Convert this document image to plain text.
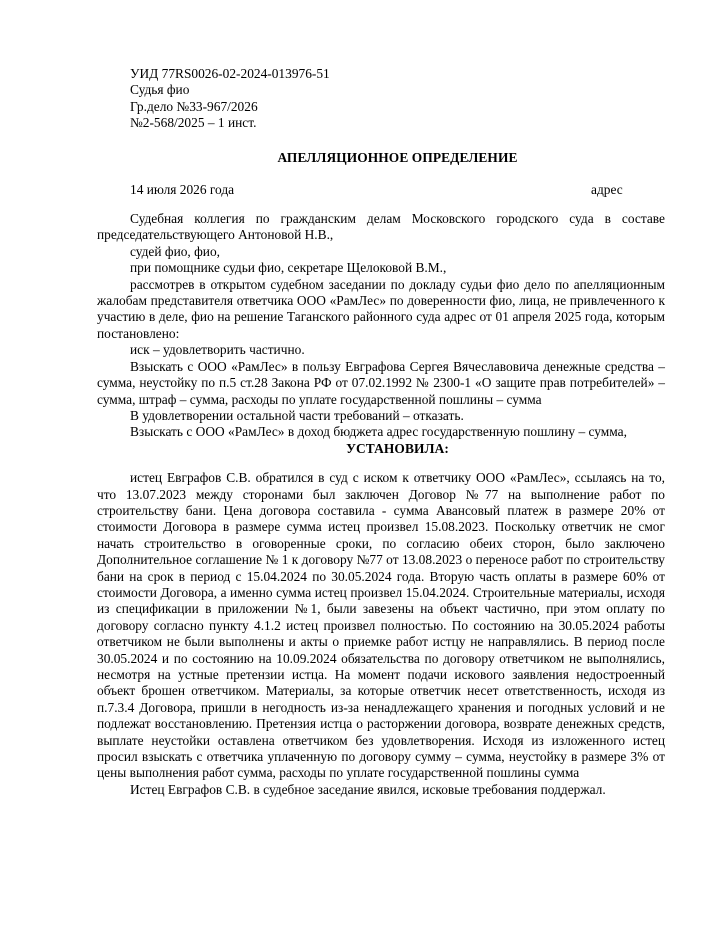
УИД 77RS0026-02-2024-013976-51

Судья фио

Гр.дело №33-967/2026

№2-568/2025 – 1 инст.

АПЕЛЛЯЦИОННОЕ ОПРЕДЕЛЕНИЕ

14 июля 2026 года	адрес

Судебная коллегия по гражданским делам Московского городского суда в составе председательствующего Антоновой Н.В.,

судей фио, фио,

при помощнике судьи фио, секретаре Щелоковой В.М.,

рассмотрев в открытом судебном заседании по докладу судьи фио дело по апелляционным жалобам представителя ответчика ООО «РамЛес» по доверенности фио, лица, не привлеченного к участию в деле, фио на решение Таганского районного суда адрес от 01 апреля 2025 года, которым постановлено:

иск – удовлетворить частично.

Взыскать с ООО «РамЛес» в пользу Евграфова Сергея Вячеславовича денежные средства – сумма, неустойку по п.5 ст.28 Закона РФ от 07.02.1992 № 2300-1 «О защите прав потребителей» – сумма, штраф – сумма, расходы по уплате государственной пошлины – сумма

В удовлетворении остальной части требований – отказать.

Взыскать с ООО «РамЛес» в доход бюджета адрес государственную пошлину – сумма,

УСТАНОВИЛА:

истец Евграфов С.В. обратился в суд с иском к ответчику ООО «РамЛес», ссылаясь на то, что 13.07.2023 между сторонами был заключен Договор №77 на выполнение работ по строительству бани. Цена договора составила - сумма Авансовый платеж в размере 20% от стоимости Договора в размере сумма истец произвел 15.08.2023. Поскольку ответчик не смог начать строительство в оговоренные сроки, по согласию обеих сторон, было заключено Дополнительное соглашение № 1 к договору №77 от 13.08.2023 о переносе работ по строительству бани на срок в период с 15.04.2024 по 30.05.2024 года. Вторую часть оплаты в размере 60% от стоимости Договора, а именно сумма истец произвел 15.04.2024. Строительные материалы, исходя из спецификации в приложении №1, были завезены на объект частично, при этом оплату по договору согласно пункту 4.1.2 истец произвел полностью. По состоянию на 30.05.2024 работы ответчиком не были выполнены и акты о приемке работ истцу не направлялись. В период после 30.05.2024 и по состоянию на 10.09.2024 обязательства по договору ответчиком не выполнялись, несмотря на устные претензии истца. На момент подачи искового заявления недостроенный объект брошен ответчиком. Материалы, за которые ответчик несет ответственность, исходя из п.7.3.4 Договора, пришли в негодность из-за ненадлежащего хранения и погодных условий и не подлежат восстановлению. Претензия истца о расторжении договора, возврате денежных средств, выплате неустойки оставлена ответчиком без удовлетворения. Исходя из изложенного истец просил взыскать с ответчика уплаченную по договору сумму – сумма, неустойку в размере 3% от цены выполнения работ сумма, расходы по уплате государственной пошлины сумма

Истец Евграфов С.В. в судебное заседание явился, исковые требования поддержал.
